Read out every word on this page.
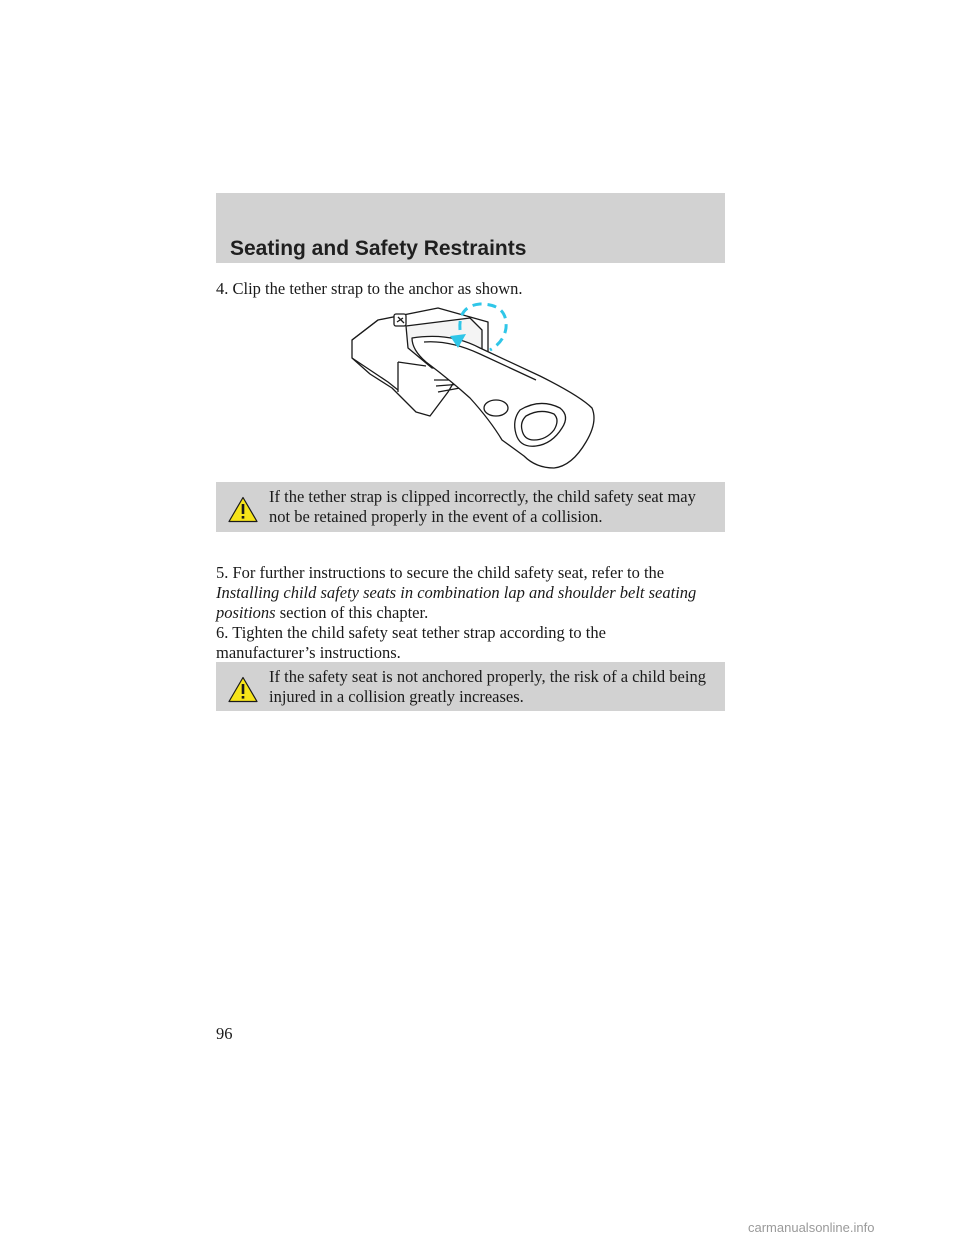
Seating and Safety Restraints

4. Clip the tether strap to the anchor as shown.

If the tether strap is clipped incorrectly, the child safety seat may not be retained properly in the event of a collision.

5. For further instructions to secure the child safety seat, refer to the Installing child safety seats in combination lap and shoulder belt seating positions section of this chapter.

6. Tighten the child safety seat tether strap according to the manufacturer’s instructions.

If the safety seat is not anchored properly, the risk of a child being injured in a collision greatly increases.

96

carmanualsonline.info
